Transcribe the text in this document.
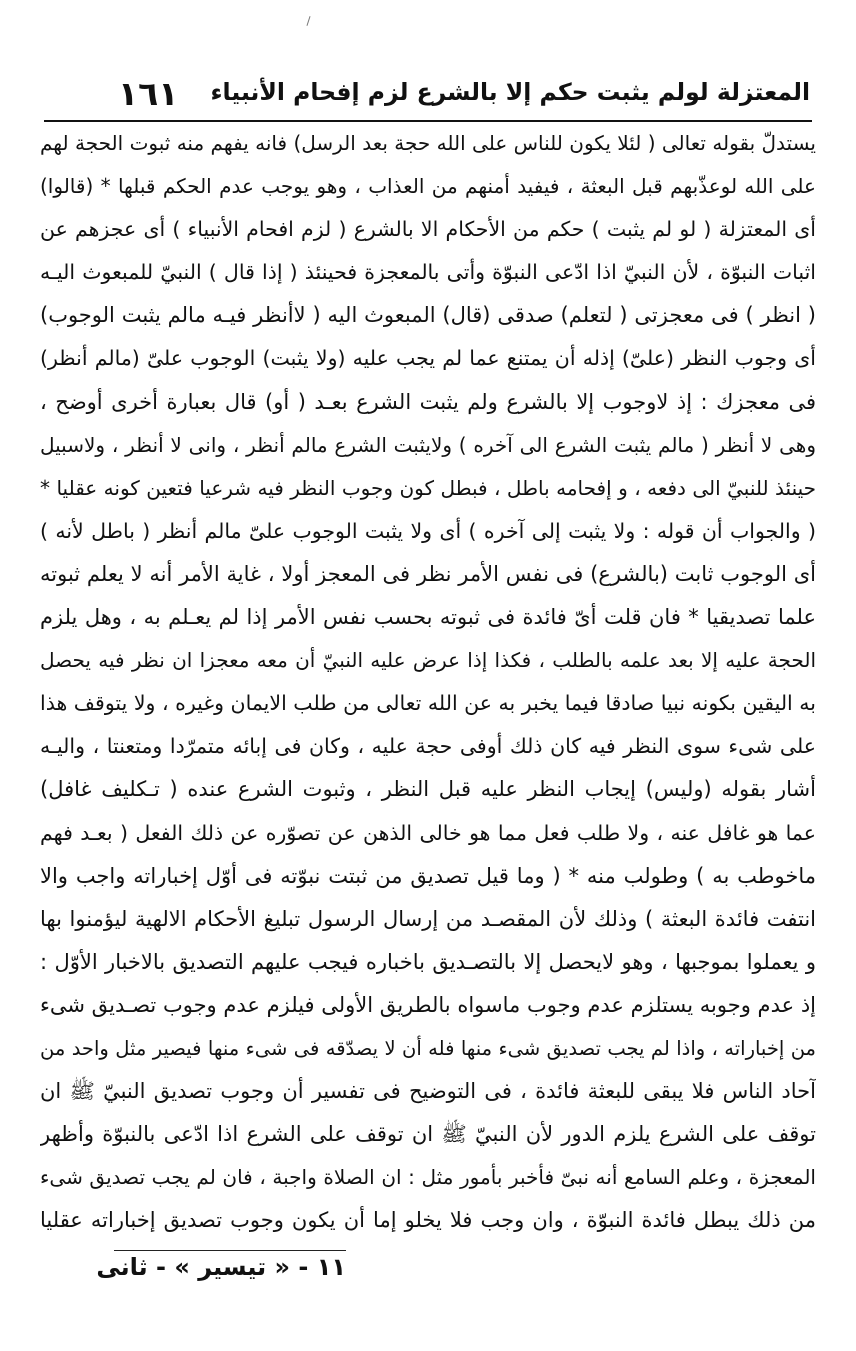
المعتزلة لولم يثبت حكم إلا بالشرع لزم إفحام الأنبياء
١٦١
يستدلّ بقوله تعالى ( لئلا يكون للناس على الله حجة بعد الرسل) فانه يفهم منه ثبوت الحجة لهم
على الله لوعذّبهم قبل البعثة ، فيفيد أمنهم من العذاب ، وهو يوجب عدم الحكم قبلها * (قالوا)
أى المعتزلة ( لو لم يثبت ) حكم من الأحكام الا بالشرع ( لزم افحام الأنبياء ) أى عجزهم عن
اثبات النبوّة ، لأن النبيّ اذا ادّعى النبوّة وأتى بالمعجزة فحينئذ ( إذا قال ) النبيّ للمبعوث اليـه
( انظر ) فى معجزتى ( لتعلم) صدقى (قال) المبعوث اليه ( لاأنظر فيـه مالم يثبت الوجوب)
أى وجوب النظر (علىّ) إذله أن يمتنع عما لم يجب عليه (ولا يثبت) الوجوب علىّ (مالم أنظر)
فى معجزك : إذ لاوجوب إلا بالشرع ولم يثبت الشرع بعـد ( أو) قال بعبارة أخرى أوضح ،
وهى لا أنظر ( مالم يثبت الشرع الى آخره ) ولايثبت الشرع مالم أنظر ، وانى لا أنظر ، ولاسبيل
حينئذ للنبيّ الى دفعه ، و إفحامه باطل ، فبطل كون وجوب النظر فيه شرعيا فتعين كونه عقليا *
( والجواب أن قوله : ولا يثبت إلى آخره ) أى ولا يثبت الوجوب علىّ مالم أنظر ( باطل لأنه )
أى الوجوب ثابت (بالشرع) فى نفس الأمر نظر فى المعجز أولا ، غاية الأمر أنه لا يعلم ثبوته
علما تصديقيا * فان قلت أىّ فائدة فى ثبوته بحسب نفس الأمر إذا لم يعـلم به ، وهل يلزم
الحجة عليه إلا بعد علمه بالطلب ، فكذا إذا عرض عليه النبيّ أن معه معجزا ان نظر فيه يحصل
به اليقين بكونه نبيا صادقا فيما يخبر به عن الله تعالى من طلب الايمان وغيره ، ولا يتوقف هذا
على شىء سوى النظر فيه كان ذلك أوفى حجة عليه ، وكان فى إبائه متمرّدا ومتعنتا ، واليـه
أشار بقوله (وليس) إيجاب النظر عليه قبل النظر ، وثبوت الشرع عنده ( تـكليف غافل)
عما هو غافل عنه ، ولا طلب فعل مما هو خالى الذهن عن تصوّره عن ذلك الفعل ( بعـد فهم
ماخوطب به ) وطولب منه * ( وما قيل تصديق من ثبتت نبوّته فى أوّل إخباراته واجب والا
انتفت فائدة البعثة ) وذلك لأن المقصـد من إرسال الرسول تبليغ الأحكام الالهية ليؤمنوا بها
و يعملوا بموجبها ، وهو لايحصل إلا بالتصـديق باخباره فيجب عليهم التصديق بالاخبار الأوّل :
إذ عدم وجوبه يستلزم عدم وجوب ماسواه بالطريق الأولى فيلزم عدم وجوب تصـديق شىء
من إخباراته ، واذا لم يجب تصديق شىء منها فله أن لا يصدّقه فى شىء منها فيصير مثل واحد من
آحاد الناس فلا يبقى للبعثة فائدة ، فى التوضيح فى تفسير أن وجوب تصديق النبيّ ﷺ ان
توقف على الشرع يلزم الدور لأن النبيّ ﷺ ان توقف على الشرع اذا ادّعى بالنبوّة وأظهر
المعجزة ، وعلم السامع أنه نبىّ فأخبر بأمور مثل : ان الصلاة واجبة ، فان لم يجب تصديق شىء
من ذلك يبطل فائدة النبوّة ، وان وجب فلا يخلو إما أن يكون وجوب تصديق إخباراته عقليا
١١ - « تيسير » - ثانى
